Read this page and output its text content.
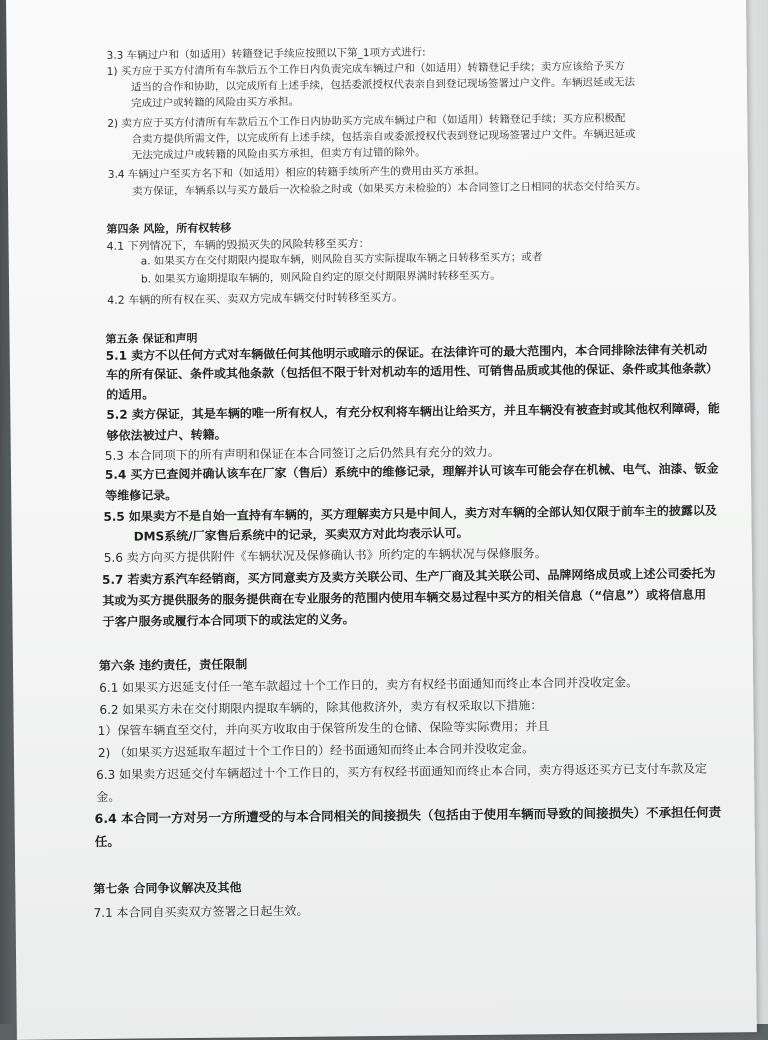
3.3 车辆过户和（如适用）转籍登记手续应按照以下第_1项方式进行:
1) 买方应于买方付清所有车款后五个工作日内负责完成车辆过户和（如适用）转籍登记手续；卖方应该给予买方
适当的合作和协助，以完成所有上述手续，包括委派授权代表亲自到登记现场签署过户文件。车辆迟延或无法
完成过户或转籍的风险由买方承担。
2) 卖方应于买方付清所有车款后五个工作日内协助买方完成车辆过户和（如适用）转籍登记手续；买方应积极配
合卖方提供所需文件，以完成所有上述手续，包括亲自或委派授权代表到登记现场签署过户文件。车辆迟延或
无法完成过户或转籍的风险由买方承担，但卖方有过错的除外。
3.4 车辆过户至买方名下和（如适用）相应的转籍手续所产生的费用由买方承担。
卖方保证，车辆系以与买方最后一次检验之时或（如果买方未检验的）本合同签订之日相同的状态交付给买方。
第四条 风险，所有权转移
4.1 下列情况下，车辆的毁损灭失的风险转移至买方：
a. 如果买方在交付期限内提取车辆，则风险自买方实际提取车辆之日转移至买方；或者
b. 如果买方逾期提取车辆的，则风险自约定的原交付期限界满时转移至买方。
4.2 车辆的所有权在买、卖双方完成车辆交付时转移至买方。
第五条 保证和声明
5.1 卖方不以任何方式对车辆做任何其他明示或暗示的保证。在法律许可的最大范围内，本合同排除法律有关机动
车的所有保证、条件或其他条款（包括但不限于针对机动车的适用性、可销售品质或其他的保证、条件或其他条款）
的适用。
5.2 卖方保证，其是车辆的唯一所有权人，有充分权利将车辆出让给买方，并且车辆没有被查封或其他权利障碍，能
够依法被过户、转籍。
5.3 本合同项下的所有声明和保证在本合同签订之后仍然具有充分的效力。
5.4 买方已查阅并确认该车在厂家（售后）系统中的维修记录，理解并认可该车可能会存在机械、电气、油漆、钣金
等维修记录。
5.5 如果卖方不是自始一直持有车辆的，买方理解卖方只是中间人，卖方对车辆的全部认知仅限于前车主的披露以及
DMS系统/厂家售后系统中的记录，买卖双方对此均表示认可。
5.6 卖方向买方提供附件《车辆状况及保修确认书》所约定的车辆状况与保修服务。
5.7 若卖方系汽车经销商，买方同意卖方及卖方关联公司、生产厂商及其关联公司、品牌网络成员或上述公司委托为
其或为买方提供服务的服务提供商在专业服务的范围内使用车辆交易过程中买方的相关信息（“信息”）或将信息用
于客户服务或履行本合同项下的或法定的义务。
第六条 违约责任，责任限制
6.1 如果买方迟延支付任一笔车款超过十个工作日的，卖方有权经书面通知而终止本合同并没收定金。
6.2 如果买方未在交付期限内提取车辆的，除其他救济外，卖方有权采取以下措施：
1）保管车辆直至交付，并向买方收取由于保管所发生的仓储、保险等实际费用；并且
2) （如果买方迟延取车超过十个工作日的）经书面通知而终止本合同并没收定金。
6.3 如果卖方迟延交付车辆超过十个工作日的，买方有权经书面通知而终止本合同，卖方得返还买方已支付车款及定
金。
6.4 本合同一方对另一方所遭受的与本合同相关的间接损失（包括由于使用车辆而导致的间接损失）不承担任何责
任。
第七条 合同争议解决及其他
7.1 本合同自买卖双方签署之日起生效。
